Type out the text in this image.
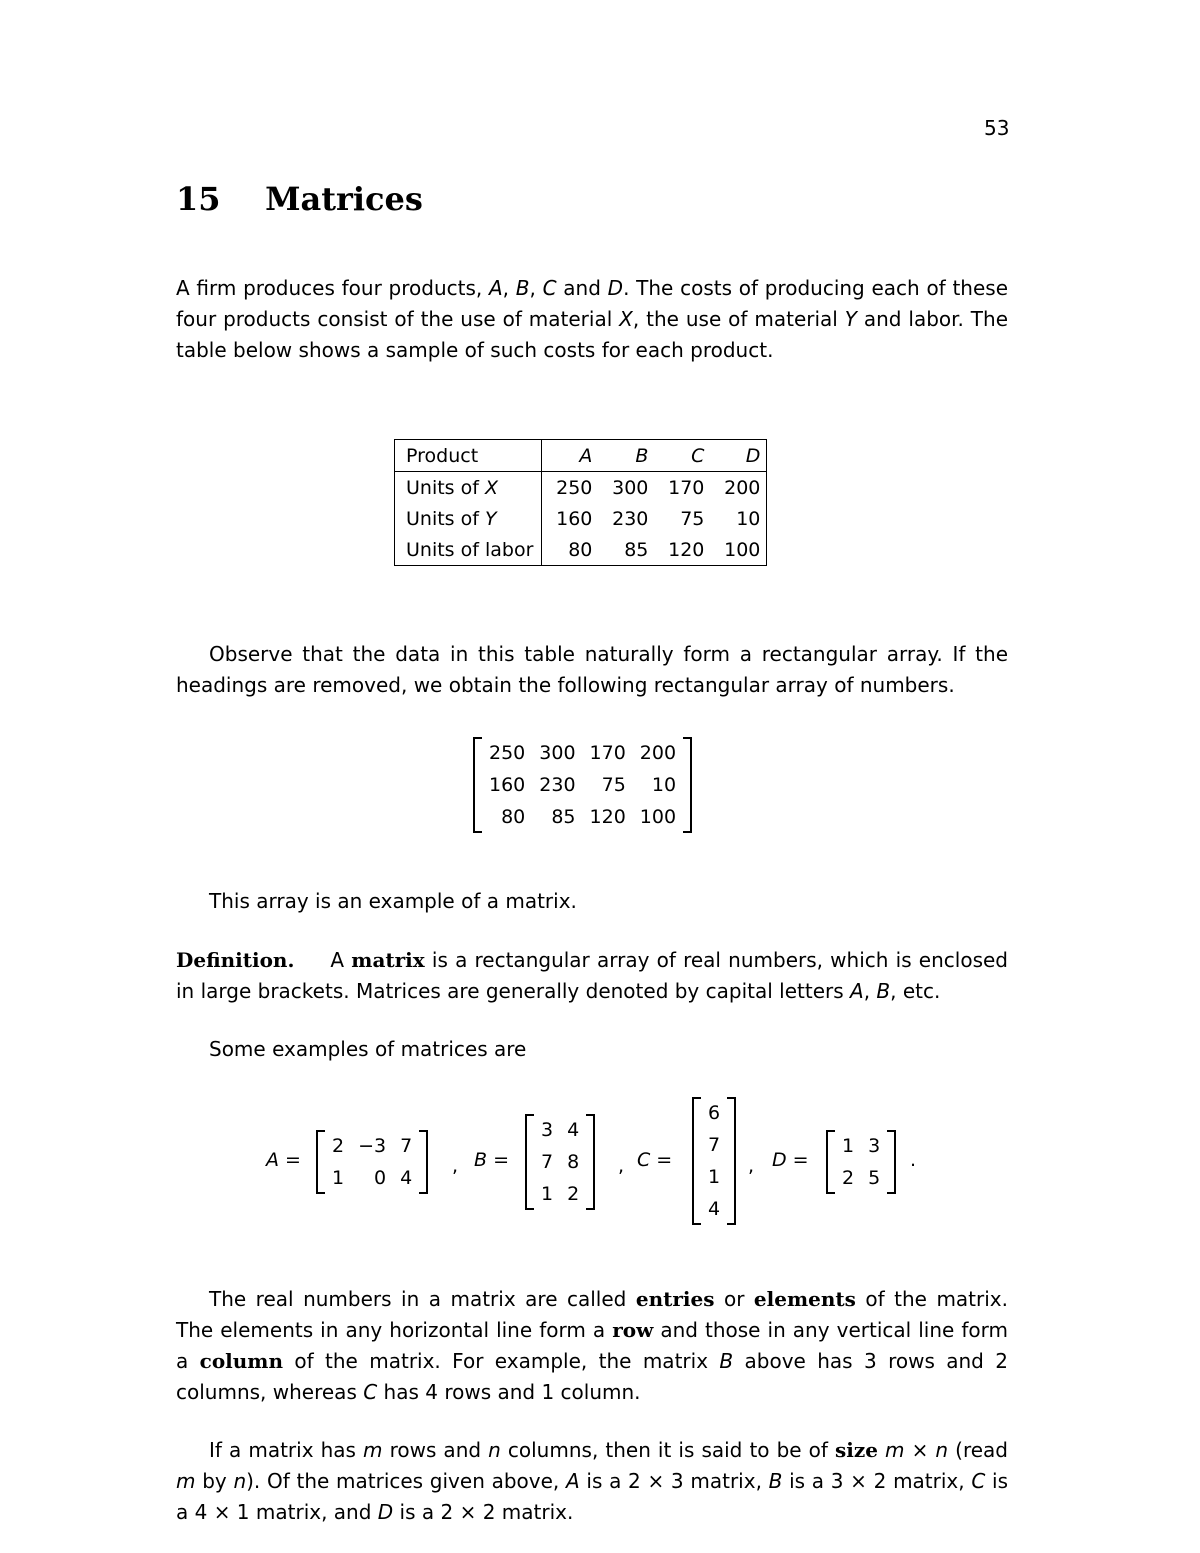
53
15 Matrices

A firm produces four products, A, B, C and D. The costs of producing each of these four products consist of the use of material X, the use of material Y and labor. The table below shows a sample of such costs for each product.

Product	A	B	C	D
Units of X	250	300	170	200
Units of Y	160	230	75	10
Units of labor	80	85	120	100

Observe that the data in this table naturally form a rectangular array. If the headings are removed, we obtain the following rectangular array of numbers.

250	300	170	200
160	230	75	10
80	85	120	100

This array is an example of a matrix.

Definition. A matrix is a rectangular array of real numbers, which is enclosed in large brackets. Matrices are generally denoted by capital letters A, B, etc.

Some examples of matrices are

A =
2	−3	7
1	0	4
, B =
3	4
7	8
1	2
, C =
6
7
1
4
, D =
1	3
2	5
.

The real numbers in a matrix are called entries or elements of the matrix. The elements in any horizontal line form a row and those in any vertical line form a column of the matrix. For example, the matrix B above has 3 rows and 2 columns, whereas C has 4 rows and 1 column.

If a matrix has m rows and n columns, then it is said to be of size m × n (read m by n). Of the matrices given above, A is a 2 × 3 matrix, B is a 3 × 2 matrix, C is a 4 × 1 matrix, and D is a 2 × 2 matrix.
